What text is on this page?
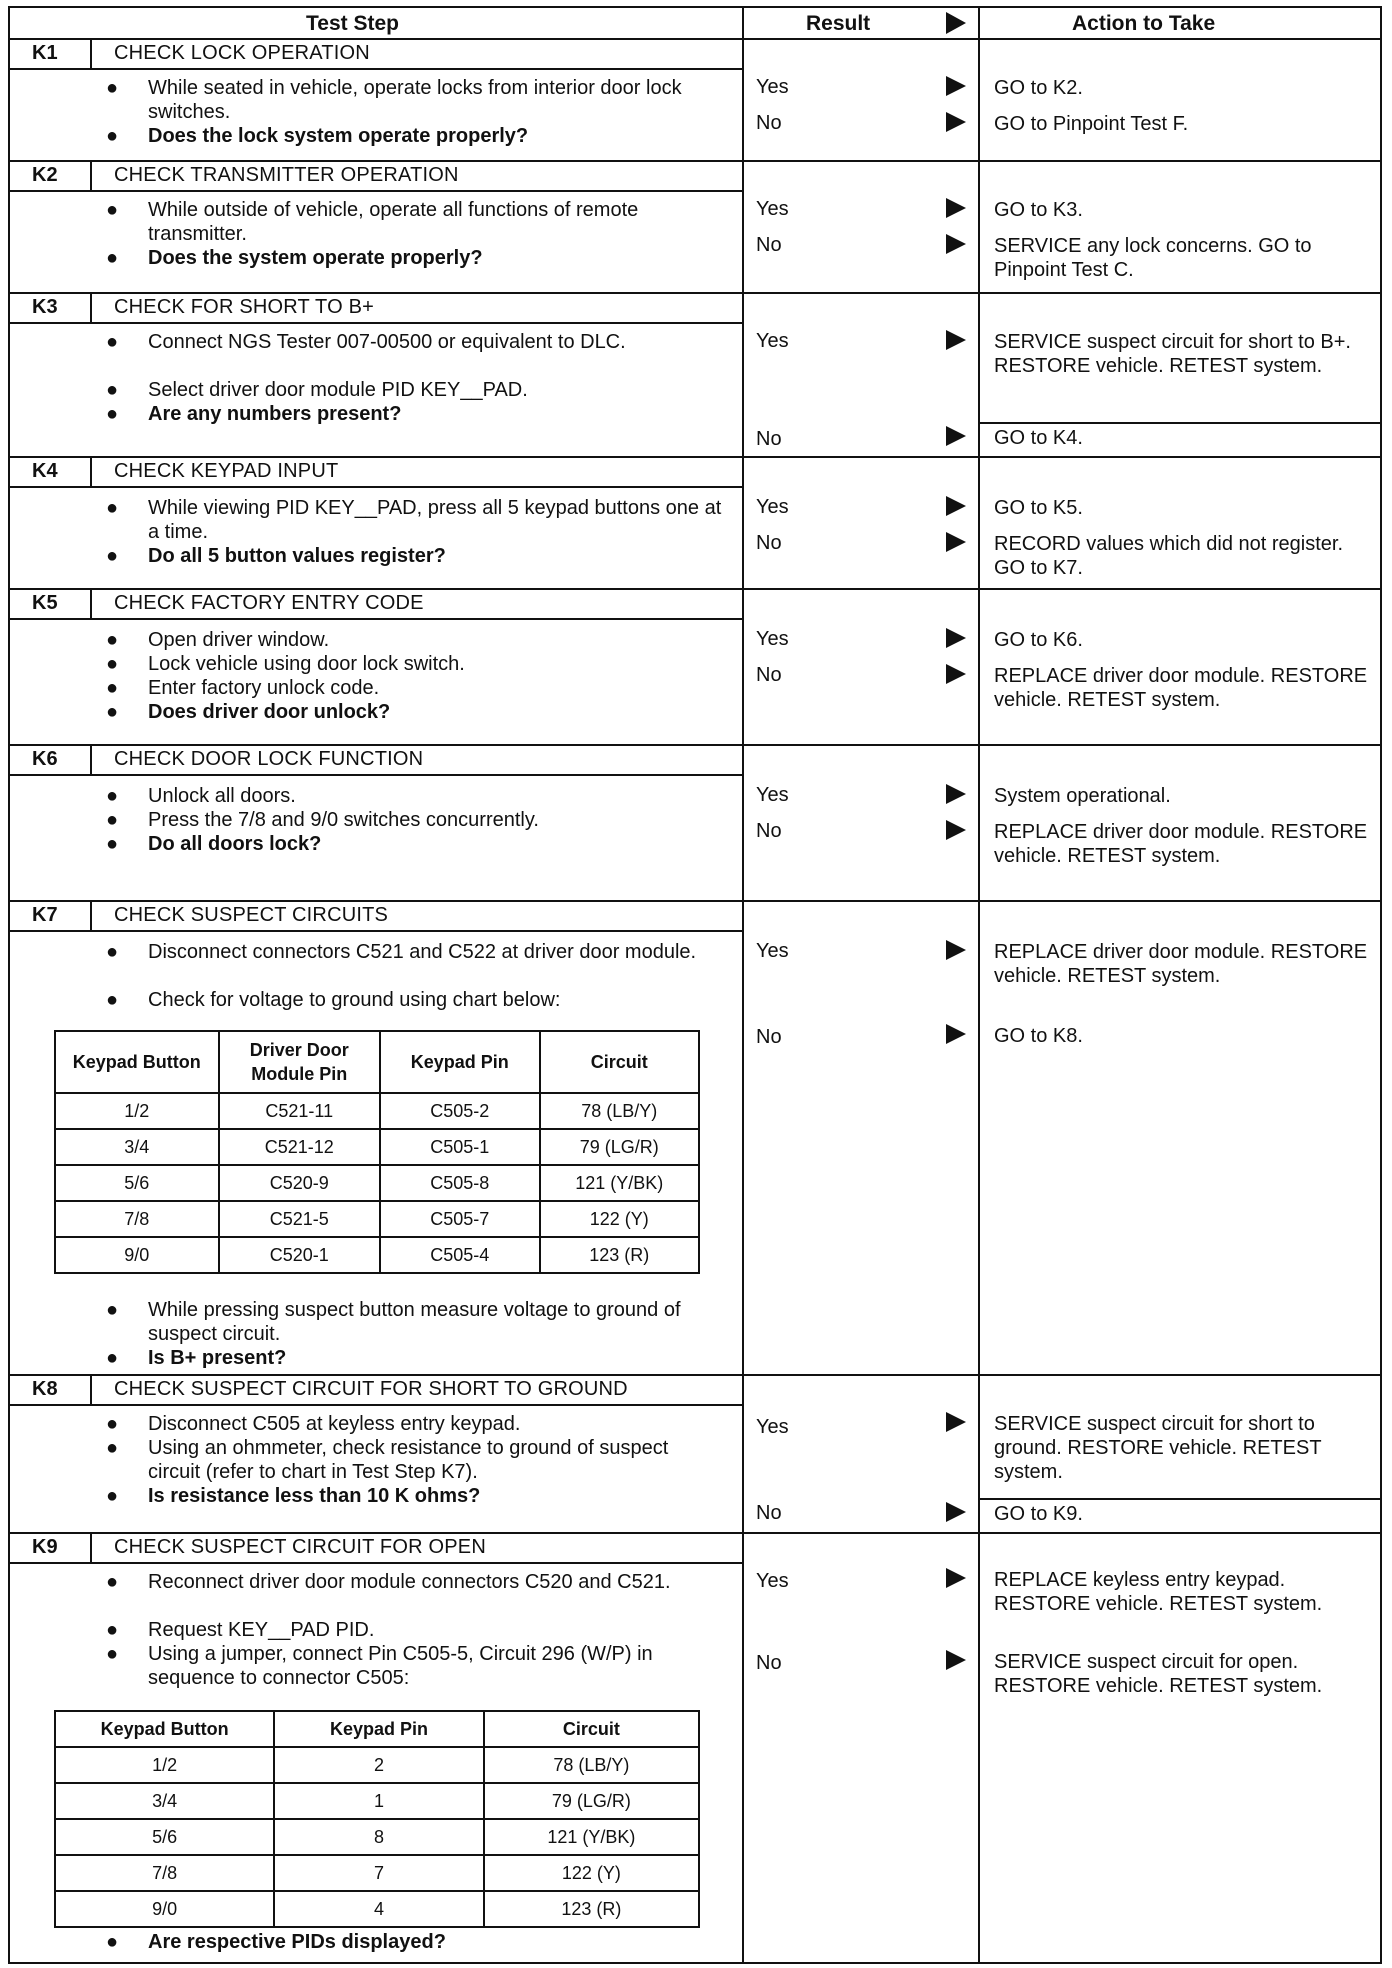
Test Step	Result	Action to Take
K1	CHECK LOCK OPERATION
●	While seated in vehicle, operate locks from interior door lock switches.
●	Does the lock system operate properly?
Yes	GO to K2.
No	GO to Pinpoint Test F.
K2	CHECK TRANSMITTER OPERATION
●	While outside of vehicle, operate all functions of remote transmitter.
●	Does the system operate properly?
Yes	GO to K3.
No	SERVICE any lock concerns. GO to Pinpoint Test C.
K3	CHECK FOR SHORT TO B+
●	Connect NGS Tester 007-00500 or equivalent to DLC.
●	Select driver door module PID KEY__PAD.
●	Are any numbers present?
Yes	SERVICE suspect circuit for short to B+. RESTORE vehicle. RETEST system.
No	GO to K4.
K4	CHECK KEYPAD INPUT
●	While viewing PID KEY__PAD, press all 5 keypad buttons one at a time.
●	Do all 5 button values register?
Yes	GO to K5.
No	RECORD values which did not register. GO to K7.
K5	CHECK FACTORY ENTRY CODE
●	Open driver window.
●	Lock vehicle using door lock switch.
●	Enter factory unlock code.
●	Does driver door unlock?
Yes	GO to K6.
No	REPLACE driver door module. RESTORE vehicle. RETEST system.
K6	CHECK DOOR LOCK FUNCTION
●	Unlock all doors.
●	Press the 7/8 and 9/0 switches concurrently.
●	Do all doors lock?
Yes	System operational.
No	REPLACE driver door module. RESTORE vehicle. RETEST system.
K7	CHECK SUSPECT CIRCUITS
●	Disconnect connectors C521 and C522 at driver door module.
●	Check for voltage to ground using chart below:
Keypad Button	Driver Door Module Pin	Keypad Pin	Circuit
1/2	C521-11	C505-2	78 (LB/Y)
3/4	C521-12	C505-1	79 (LG/R)
5/6	C520-9	C505-8	121 (Y/BK)
7/8	C521-5	C505-7	122 (Y)
9/0	C520-1	C505-4	123 (R)
●	While pressing suspect button measure voltage to ground of suspect circuit.
●	Is B+ present?
Yes	REPLACE driver door module. RESTORE vehicle. RETEST system.
No	GO to K8.
K8	CHECK SUSPECT CIRCUIT FOR SHORT TO GROUND
●	Disconnect C505 at keyless entry keypad.
●	Using an ohmmeter, check resistance to ground of suspect circuit (refer to chart in Test Step K7).
●	Is resistance less than 10 K ohms?
Yes	SERVICE suspect circuit for short to ground. RESTORE vehicle. RETEST system.
No	GO to K9.
K9	CHECK SUSPECT CIRCUIT FOR OPEN
●	Reconnect driver door module connectors C520 and C521.
●	Request KEY__PAD PID.
●	Using a jumper, connect Pin C505-5, Circuit 296 (W/P) in sequence to connector C505:
Keypad Button	Keypad Pin	Circuit
1/2	2	78 (LB/Y)
3/4	1	79 (LG/R)
5/6	8	121 (Y/BK)
7/8	7	122 (Y)
9/0	4	123 (R)
●	Are respective PIDs displayed?
Yes	REPLACE keyless entry keypad. RESTORE vehicle. RETEST system.
No	SERVICE suspect circuit for open. RESTORE vehicle. RETEST system.
